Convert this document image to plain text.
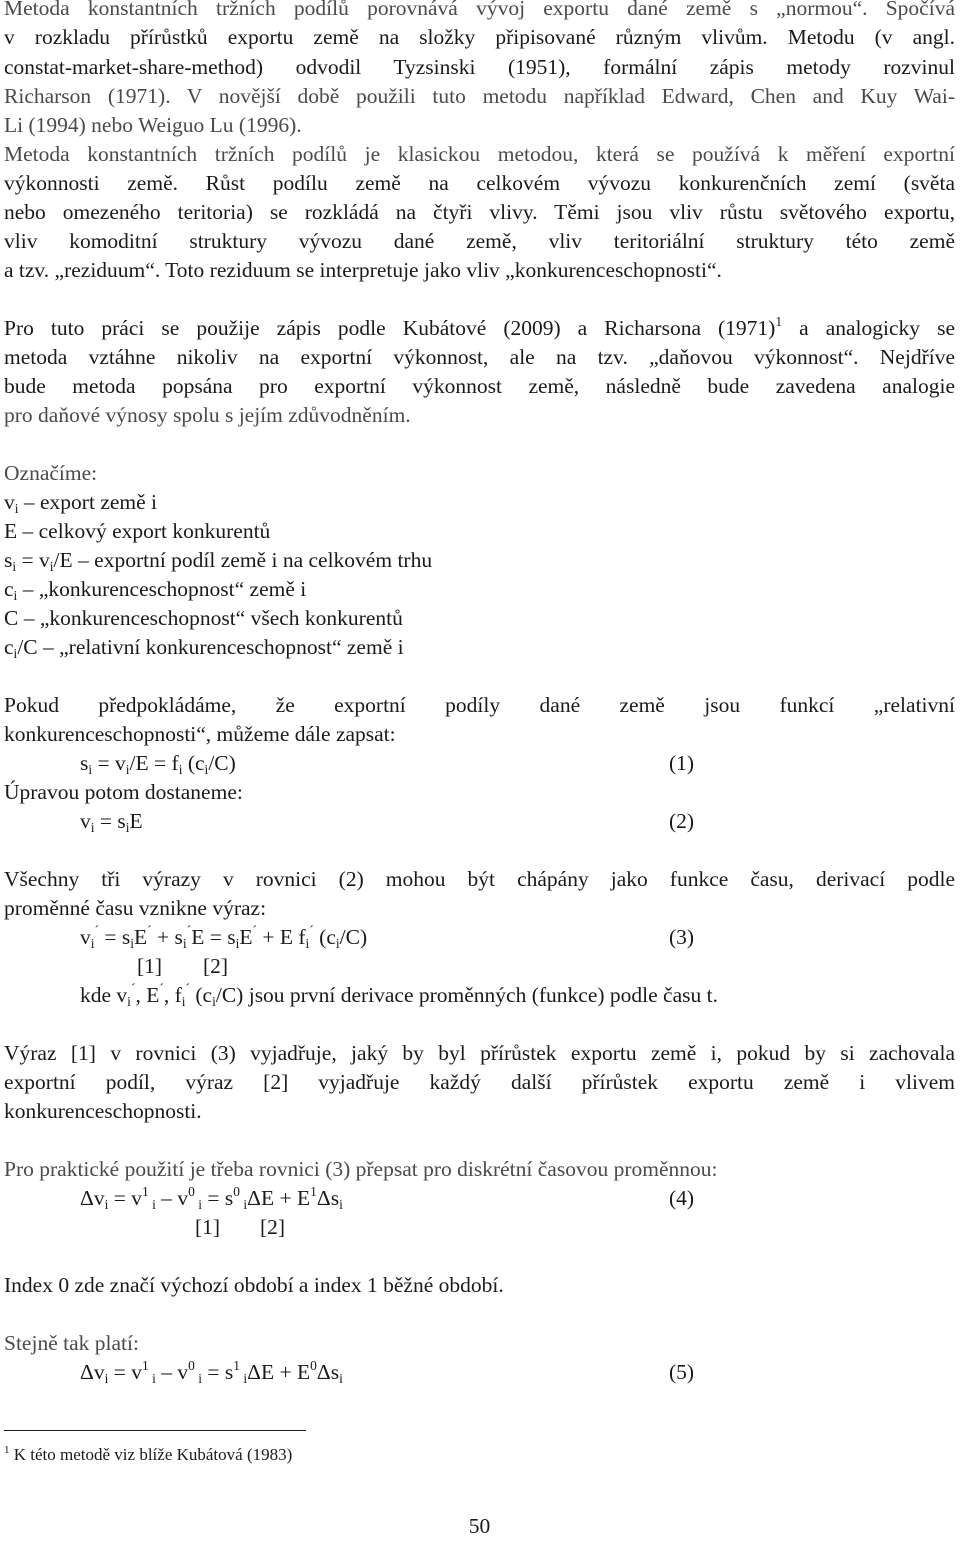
Metoda konstantních tržních podílů porovnává vývoj exportu dané země s „normou“. Spočívá
v rozkladu přírůstků exportu země na složky připisované různým vlivům. Metodu (v angl.
constat-market-share-method) odvodil Tyzsinski (1951), formální zápis metody rozvinul
Richarson (1971). V novější době použili tuto metodu například Edward, Chen and Kuy Wai-
Li (1994) nebo Weiguo Lu (1996).
Metoda konstantních tržních podílů je klasickou metodou, která se používá k měření exportní
výkonnosti země. Růst podílu země na celkovém vývozu konkurenčních zemí (světa
nebo omezeného teritoria) se rozkládá na čtyři vlivy. Těmi jsou vliv růstu světového exportu,
vliv komoditní struktury vývozu dané země, vliv teritoriální struktury této země
a tzv. „reziduum“. Toto reziduum se interpretuje jako vliv „konkurenceschopnosti“.
Pro tuto práci se použije zápis podle Kubátové (2009) a Richarsona $(1971)^1$ a analogicky se
metoda vztáhne nikoliv na exportní výkonnost, ale na tzv. „daňovou výkonnost“. Nejdříve
bude metoda popsána pro exportní výkonnost země, následně bude zavedena analogie
pro daňové výnosy spolu s jejím zdůvodněním.
Označíme:
$v_i$ – export země i
E – celkový export konkurentů
$s_i = v_i/E$ – exportní podíl země i na celkovém trhu
$c_i$ – „konkurenceschopnost“ země i
C – „konkurenceschopnost“ všech konkurentů
$c_i/C$ – „relativní konkurenceschopnost“ země i
Pokud předpokládáme, že exportní podíly dané země jsou funkcí „relativní
konkurenceschopnosti“, můžeme dále zapsat:
$s_i = v_i/E = f_i$ $(c_i/C)$	(1)
Úpravou potom dostaneme:
$v_i = s_iE$	(2)
Všechny tři výrazy v rovnici (2) mohou být chápány jako funkce času, derivací podle
proměnné času vznikne výraz:
$v_i^´ = s_iE^´ + s_i^´E = s_iE^´ + E$ $f_i^´$ $(c_i/C)$	(3)
[1] [2]
kde $v_i^´$, E´, $f_i^´$ $(c_i/C)$ jsou první derivace proměnných (funkce) podle času t.
Výraz [1] v rovnici (3) vyjadřuje, jaký by byl přírůstek exportu země i, pokud by si zachovala
exportní podíl, výraz [2] vyjadřuje každý další přírůstek exportu země i vlivem
konkurenceschopnosti.
Pro praktické použití je třeba rovnici (3) přepsat pro diskrétní časovou proměnnou:
$\Delta v_i = v^1$ $_i - v^0$ $_i = s^0$ $_i\Delta E + E^1\Delta s_i$	(4)
[1] [2]
Index 0 zde značí výchozí období a index 1 běžné období.
Stejně tak platí:
$\Delta v_i = v^1$ $_i - v^0$ $_i = s^1$ $_i\Delta E + E^0\Delta s_i$	(5)
$^1$ K této metodě viz blíže Kubátová (1983)
50
